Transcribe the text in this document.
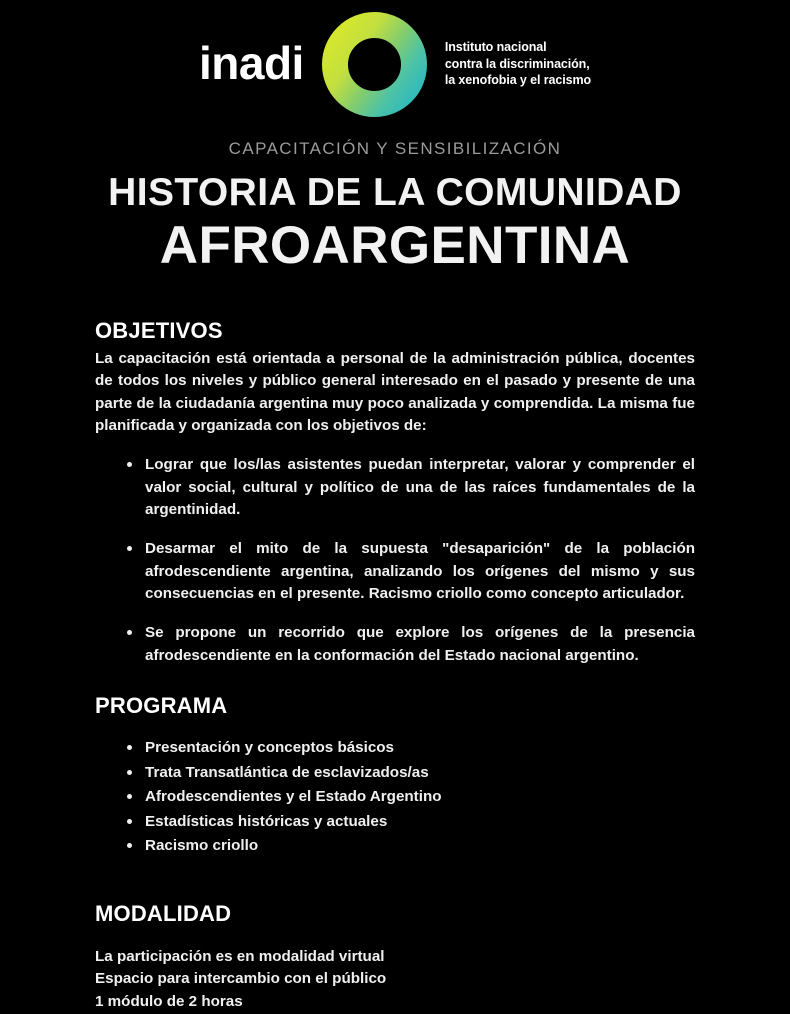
inadi	Instituto nacional
contra la discriminación,
la xenofobia y el racismo

CAPACITACIÓN Y SENSIBILIZACIÓN

HISTORIA DE LA COMUNIDAD
AFROARGENTINA
OBJETIVOS

La capacitación está orientada a personal de la administración pública, docentes de todos los niveles y público general interesado en el pasado y presente de una parte de la ciudadanía argentina muy poco analizada y comprendida. La misma fue planificada y organizada con los objetivos de:

Lograr que los/las asistentes puedan interpretar, valorar y comprender el valor social, cultural y político de una de las raíces fundamentales de la argentinidad.
Desarmar el mito de la supuesta "desaparición" de la población afrodescendiente argentina, analizando los orígenes del mismo y sus consecuencias en el presente. Racismo criollo como concepto articulador.
Se propone un recorrido que explore los orígenes de la presencia afrodescendiente en la conformación del Estado nacional argentino.
PROGRAMA
Presentación y conceptos básicos
Trata Transatlántica de esclavizados/as
Afrodescendientes y el Estado Argentino
Estadísticas históricas y actuales
Racismo criollo
MODALIDAD
La participación es en modalidad virtual
Espacio para intercambio con el público
1 módulo de 2 horas
